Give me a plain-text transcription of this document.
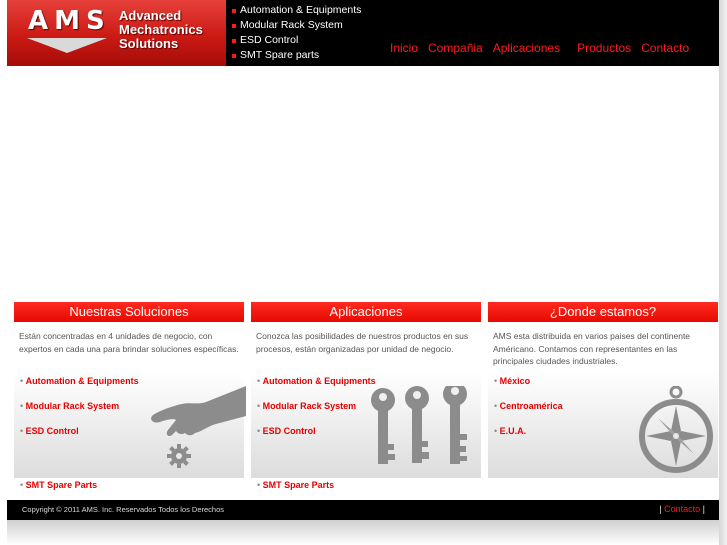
AMS Advanced
Mechatronics
Solutions
Automation & Equipments
Modular Rack System
ESD Control
SMT Spare parts	Inicio Compañia Aplicaciones Productos Contacto
Nuestras Soluciones
Están concentradas en 4 unidades de negocio, con expertos en cada una para brindar soluciones específicas.
• Automation & Equipments
• Modular Rack System
• ESD Control
• SMT Spare Parts
Aplicaciones
Conozca las posibilidades de nuestros productos en sus procesos, están organizadas por unidad de negocio.
• Automation & Equipments
• Modular Rack System
• ESD Control
• SMT Spare Parts
¿Donde estamos?
AMS esta distribuida en varios paises del continente Américano. Contamos con representantes en las principales ciudades industriales.
• México
• Centroamérica
• E.U.A.
Copyright © 2011 AMS. Inc. Reservados Todos los Derechos	| Contacto |
